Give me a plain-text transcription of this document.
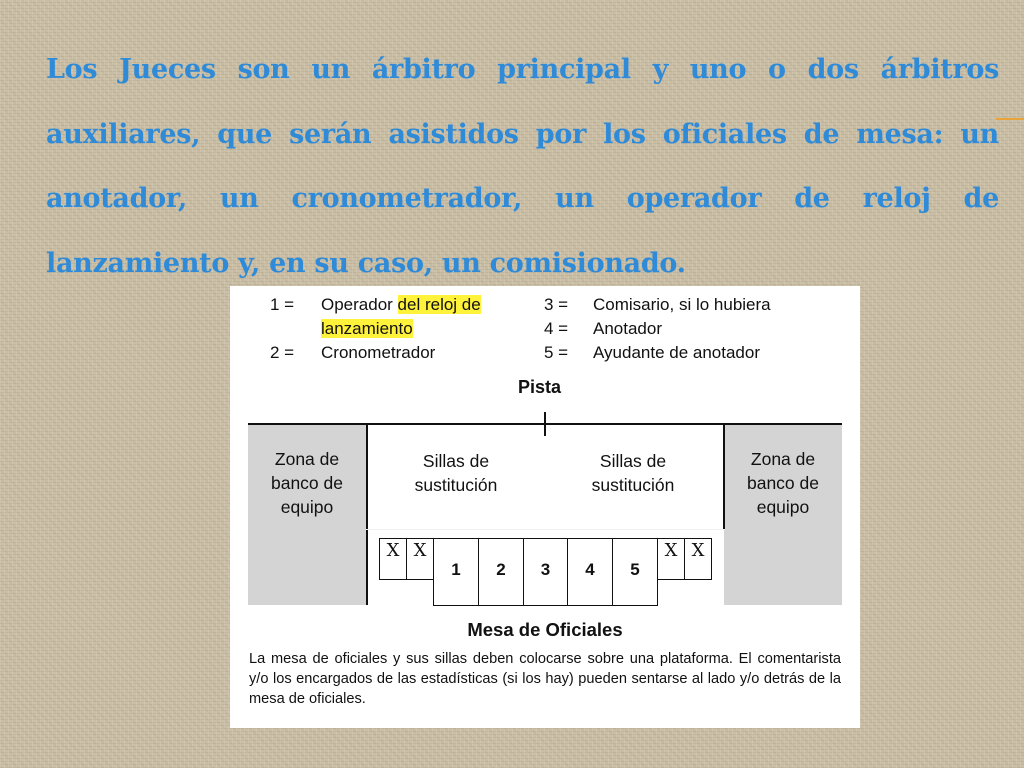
Los Jueces son un árbitro principal y uno o dos árbitros auxiliares, que serán asistidos por los oficiales de mesa: un anotador, un cronometrador, un operador de reloj de lanzamiento y, en su caso, un comisionado.

1 = Operador del reloj de
lanzamiento
2 = Cronometrador
3 = Comisario, si lo hubiera
4 = Anotador
5 = Ayudante de anotador
Pista
Zona de
banco de
equipo
Zona de
banco de
equipo
Sillas de
sustitución
Sillas de
sustitución
X X
1	2	3	4	5
X X
Mesa de Oficiales

La mesa de oficiales y sus sillas deben colocarse sobre una plataforma. El comentarista y/o los encargados de las estadísticas (si los hay) pueden sentarse al lado y/o detrás de la mesa de oficiales.
